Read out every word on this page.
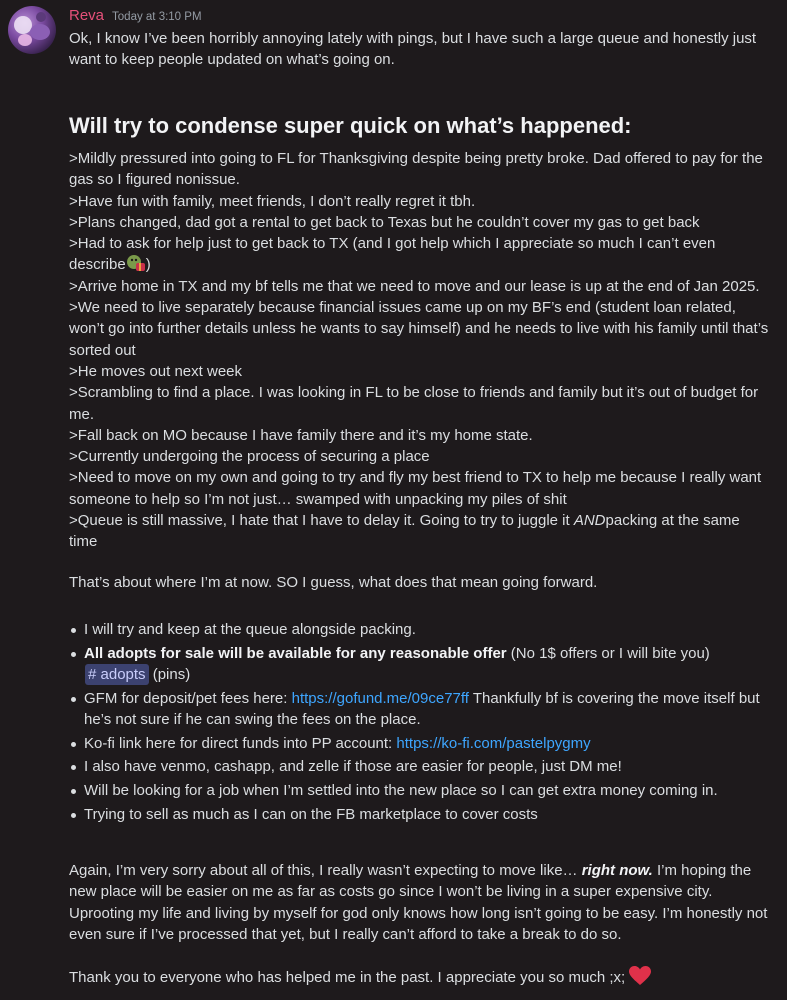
Reva Today at 3:10 PM

Ok, I know I’ve been horribly annoying lately with pings, but I have such a large queue and honestly just want to keep people updated on what’s going on.

Will try to condense super quick on what’s happened:

>Mildly pressured into going to FL for Thanksgiving despite being pretty broke. Dad offered to pay for the gas so I figured nonissue.

>Have fun with family, meet friends, I don’t really regret it tbh.

>Plans changed, dad got a rental to get back to Texas but he couldn’t cover my gas to get back

>Had to ask for help just to get back to TX (and I got help which I appreciate so much I can’t even describe )

>Arrive home in TX and my bf tells me that we need to move and our lease is up at the end of Jan 2025.

>We need to live separately because financial issues came up on my BF’s end (student loan related, won’t go into further details unless he wants to say himself) and he needs to live with his family until that’s sorted out

>He moves out next week

>Scrambling to find a place. I was looking in FL to be close to friends and family but it’s out of budget for me.

>Fall back on MO because I have family there and it’s my home state.

>Currently undergoing the process of securing a place

>Need to move on my own and going to try and fly my best friend to TX to help me because I really want someone to help so I’m not just… swamped with unpacking my piles of shit

>Queue is still massive, I hate that I have to delay it. Going to try to juggle it ANDpacking at the same time

That’s about where I’m at now. SO I guess, what does that mean going forward.

I will try and keep at the queue alongside packing.
All adopts for sale will be available for any reasonable offer (No 1$ offers or I will bite you)
# adopts (pins)
GFM for deposit/pet fees here: https://gofund.me/09ce77ff Thankfully bf is covering the move itself but he’s not sure if he can swing the fees on the place.
Ko-fi link here for direct funds into PP account: https://ko-fi.com/pastelpygmy
I also have venmo, cashapp, and zelle if those are easier for people, just DM me!
Will be looking for a job when I’m settled into the new place so I can get extra money coming in.
Trying to sell as much as I can on the FB marketplace to cover costs

Again, I’m very sorry about all of this, I really wasn’t expecting to move like… right now. I’m hoping the new place will be easier on me as far as costs go since I won’t be living in a super expensive city. Uprooting my life and living by myself for god only knows how long isn’t going to be easy. I’m honestly not even sure if I’ve processed that yet, but I really can’t afford to take a break to do so.

Thank you to everyone who has helped me in the past. I appreciate you so much ;x;
